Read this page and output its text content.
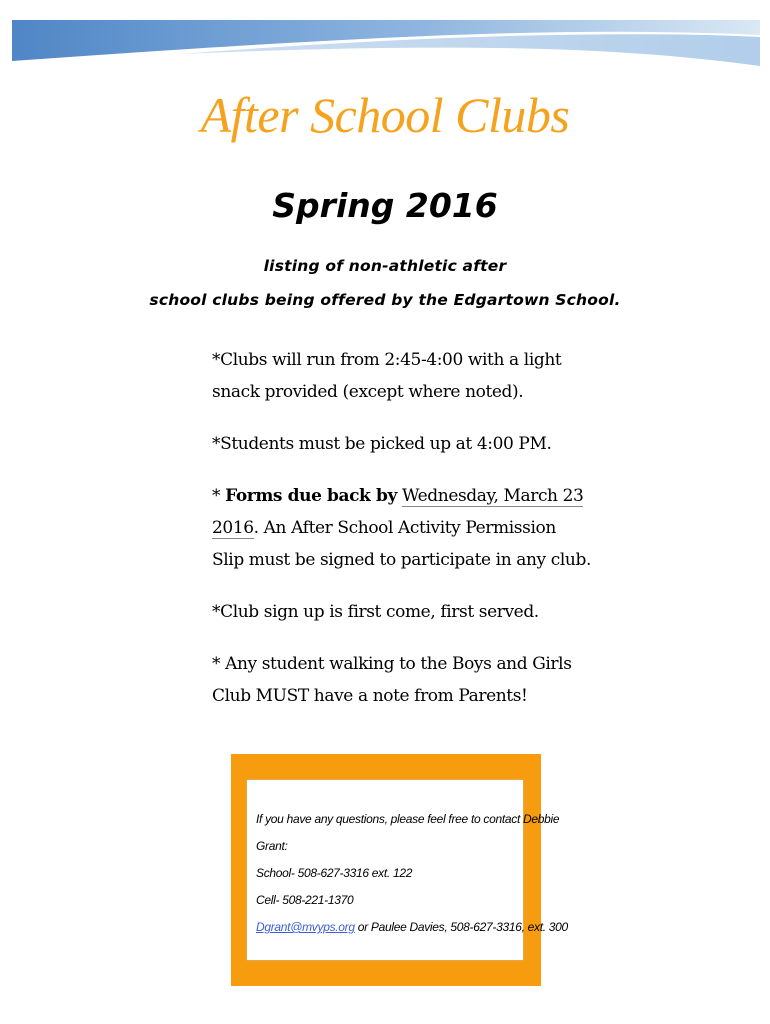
After School Clubs
Spring 2016
listing of non-athletic after
school clubs being offered by the Edgartown School.

*Clubs will run from 2:45-4:00 with a light snack provided (except where noted).

*Students must be picked up at 4:00 PM.

* Forms due back by Wednesday, March 23 2016. An After School Activity Permission Slip must be signed to participate in any club.

*Club sign up is first come, first served.

* Any student walking to the Boys and Girls Club MUST have a note from Parents!

If you have any questions, please feel free to contact Debbie
Grant:
School- 508-627-3316 ext. 122
Cell- 508-221-1370
Dgrant@mvyps.org or Paulee Davies, 508-627-3316, ext. 300
